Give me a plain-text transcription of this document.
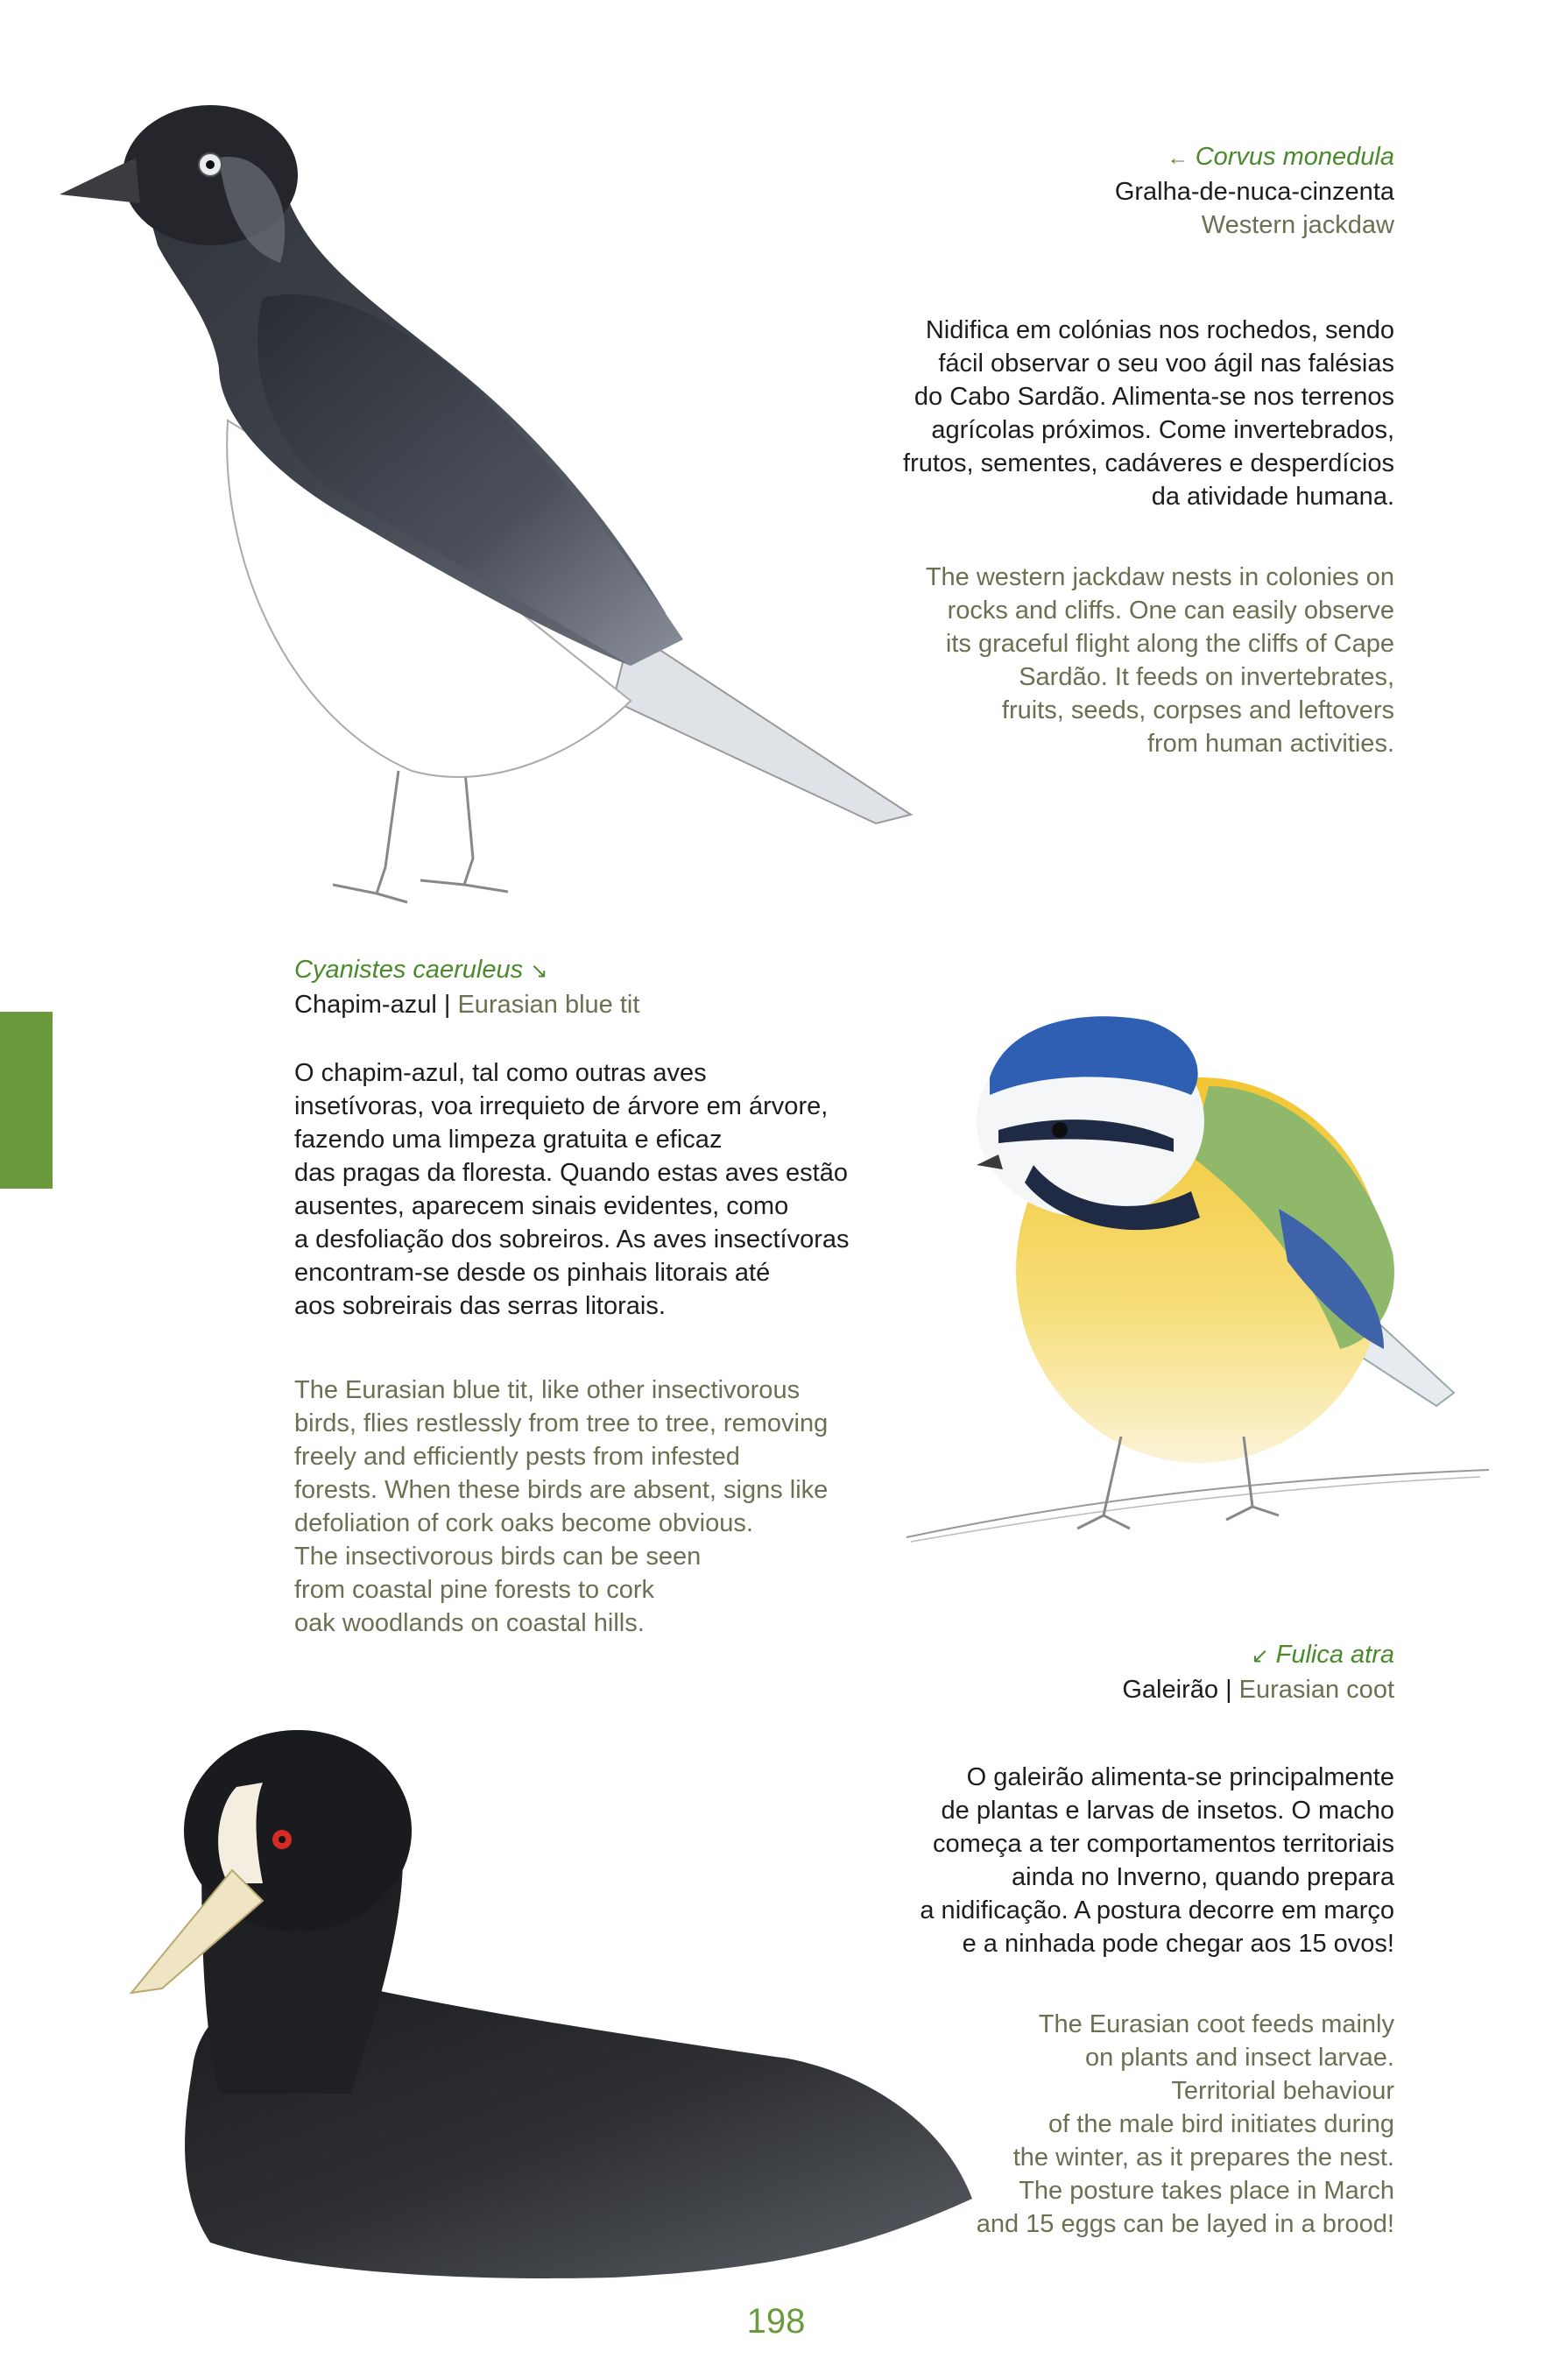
← Corvus monedula
Gralha-de-nuca-cinzenta
Western jackdaw
Nidifica em colónias nos rochedos, sendo
fácil observar o seu voo ágil nas falésias
do Cabo Sardão. Alimenta-se nos terrenos
agrícolas próximos. Come invertebrados,
frutos, sementes, cadáveres e desperdícios
da atividade humana.
The western jackdaw nests in colonies on
rocks and cliffs. One can easily observe
its graceful flight along the cliffs of Cape
Sardão. It feeds on invertebrates,
fruits, seeds, corpses and leftovers
from human activities.
Cyanistes caeruleus ↘
Chapim-azul | Eurasian blue tit
O chapim-azul, tal como outras aves
insetívoras, voa irrequieto de árvore em árvore,
fazendo uma limpeza gratuita e eficaz
das pragas da floresta. Quando estas aves estão
ausentes, aparecem sinais evidentes, como
a desfoliação dos sobreiros. As aves insectívoras
encontram-se desde os pinhais litorais até
aos sobreirais das serras litorais.
The Eurasian blue tit, like other insectivorous
birds, flies restlessly from tree to tree, removing
freely and efficiently pests from infested
forests. When these birds are absent, signs like
defoliation of cork oaks become obvious.
The insectivorous birds can be seen
from coastal pine forests to cork
oak woodlands on coastal hills.
↙ Fulica atra
Galeirão | Eurasian coot
O galeirão alimenta-se principalmente
de plantas e larvas de insetos. O macho
começa a ter comportamentos territoriais
ainda no Inverno, quando prepara
a nidificação. A postura decorre em março
e a ninhada pode chegar aos 15 ovos!
The Eurasian coot feeds mainly
on plants and insect larvae.
Territorial behaviour
of the male bird initiates during
the winter, as it prepares the nest.
The posture takes place in March
and 15 eggs can be layed in a brood!
198
